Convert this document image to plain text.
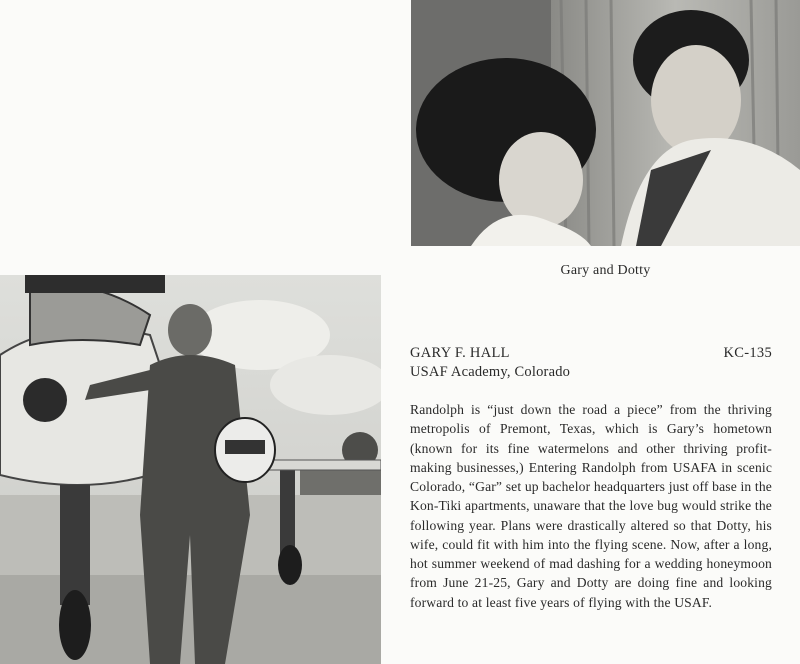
Gary and Dotty
GARY F. HALL	KC-135
USAF Academy, Colorado
Randolph is “just down the road a piece” from the thriving metropolis of Premont, Texas, which is Gary’s hometown (known for its fine watermelons and other thriving profit-making businesses,) Entering Randolph from USAFA in scenic Colorado, “Gar” set up bachelor headquarters just off base in the Kon-Tiki apartments, unaware that the love bug would strike the following year. Plans were drastically altered so that Dotty, his wife, could fit with him into the flying scene. Now, after a long, hot summer weekend of mad dashing for a wedding honeymoon from June 21-25, Gary and Dotty are doing fine and looking forward to at least five years of flying with the USAF.
